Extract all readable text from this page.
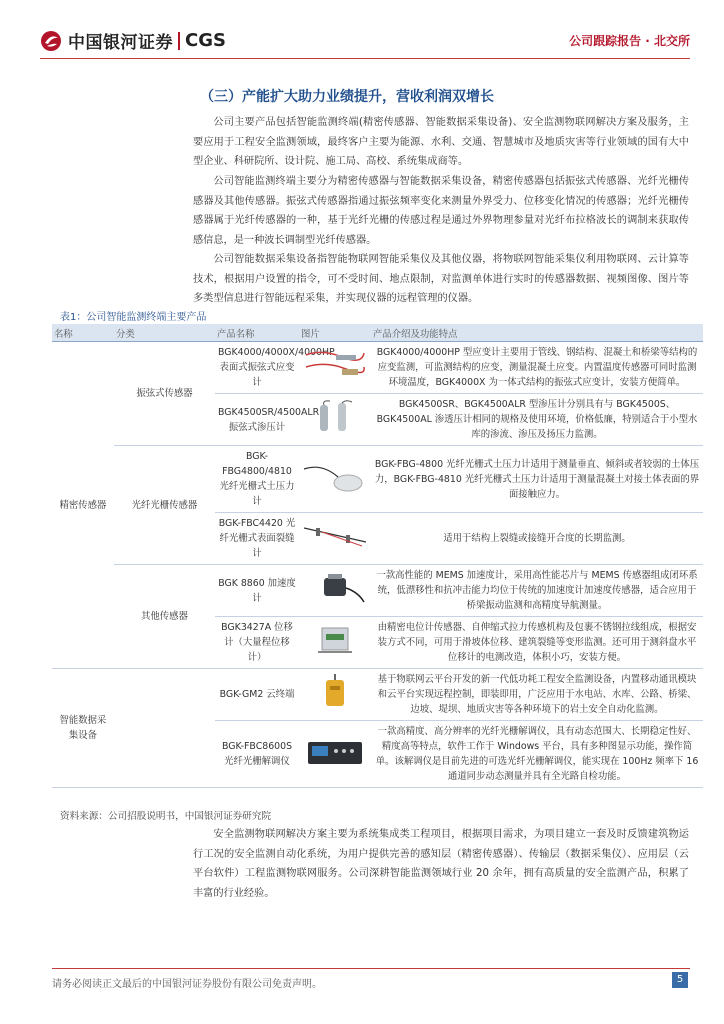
中国银河证券 CGS	公司跟踪报告 · 北交所
（三）产能扩大助力业绩提升，营收利润双增长

公司主要产品包括智能监测终端(精密传感器、智能数据采集设备)、安全监测物联网解决方案及服务，主要应用于工程安全监测领域，最终客户主要为能源、水利、交通、智慧城市及地质灾害等行业领域的国有大中型企业、科研院所、设计院、施工局、高校、系统集成商等。

公司智能监测终端主要分为精密传感器与智能数据采集设备，精密传感器包括振弦式传感器、光纤光栅传感器及其他传感器。振弦式传感器指通过振弦频率变化来测量外界受力、位移变化情况的传感器；光纤光栅传感器属于光纤传感器的一种，基于光纤光栅的传感过程是通过外界物理参量对光纤布拉格波长的调制来获取传感信息，是一种波长调制型光纤传感器。

公司智能数据采集设备指智能物联网智能采集仪及其他仪器，将物联网智能采集仪利用物联网、云计算等技术，根据用户设置的指令，可不受时间、地点限制，对监测单体进行实时的传感器数据、视频图像、图片等多类型信息进行智能远程采集，并实现仪器的远程管理的仪器。

表1：公司智能监测终端主要产品
名称	分类	产品名称	图片	产品介绍及功能特点
精密传感器	振弦式传感器	BGK4000/4000X/4000HP 表面式振弦式应变计		BGK4000/4000HP 型应变计主要用于管线、钢结构、混凝土和桥梁等结构的应变监测，可监测结构的应变，测量混凝土应变。内置温度传感器可同时监测环境温度，BGK4000X 为一体式结构的振弦式应变计，安装方便简单。
		BGK4500SR/4500ALR 振弦式渗压计		BGK4500SR、BGK4500ALR 型渗压计分别具有与 BGK4500S、BGK4500AL 渗透压计相同的规格及使用环境，价格低廉，特别适合于小型水库的渗流、渗压及扬压力监测。
	光纤光栅传感器	BGK-FBG4800/4810 光纤光栅式土压力计		BGK-FBG-4800 光纤光栅式土压力计适用于测量垂直、倾斜或者较弱的土体压力，BGK-FBG-4810 光纤光栅式土压力计适用于测量混凝土对接土体表面的界面接触应力。
		BGK-FBC4420 光纤光栅式表面裂缝计		适用于结构上裂缝或接缝开合度的长期监测。
	其他传感器	BGK 8860 加速度计		一款高性能的 MEMS 加速度计，采用高性能芯片与 MEMS 传感器组成闭环系统，低漂移性和抗冲击能力均位于传统的加速度计加速度传感器，适合应用于桥梁振动监测和高精度导航测量。
		BGK3427A 位移计（大量程位移计）		由精密电位计传感器、自伸缩式拉力传感机构及包裹不锈钢拉线组成，根据安装方式不同，可用于滑坡体位移、建筑裂缝等变形监测。还可用于测斜盘水平位移计的电测改造，体积小巧，安装方便。
智能数据采集设备		BGK-GM2 云终端		基于物联网云平台开发的新一代低功耗工程安全监测设备，内置移动通讯模块和云平台实现远程控制，即装即用，广泛应用于水电站、水库、公路、桥梁、边坡、堤坝、地质灾害等各种环境下的岩土安全自动化监测。
		BGK-FBC8600S 光纤光栅解调仪		一款高精度、高分辨率的光纤光栅解调仪，具有动态范围大、长期稳定性好、精度高等特点，软件工作于 Windows 平台，具有多种图显示功能，操作简单。该解调仪是目前先进的可选光纤光栅解调仪，能实现在 100Hz 频率下 16 通道同步动态测量并具有全光路自检功能。
资料来源：公司招股说明书，中国银河证券研究院

安全监测物联网解决方案主要为系统集成类工程项目，根据项目需求，为项目建立一套及时反馈建筑物运行工况的安全监测自动化系统，为用户提供完善的感知层（精密传感器）、传输层（数据采集仪）、应用层（云平台软件）工程监测物联网服务。公司深耕智能监测领域行业 20 余年，拥有高质量的安全监测产品，积累了丰富的行业经验。

请务必阅读正文最后的中国银河证券股份有限公司免责声明。	5
